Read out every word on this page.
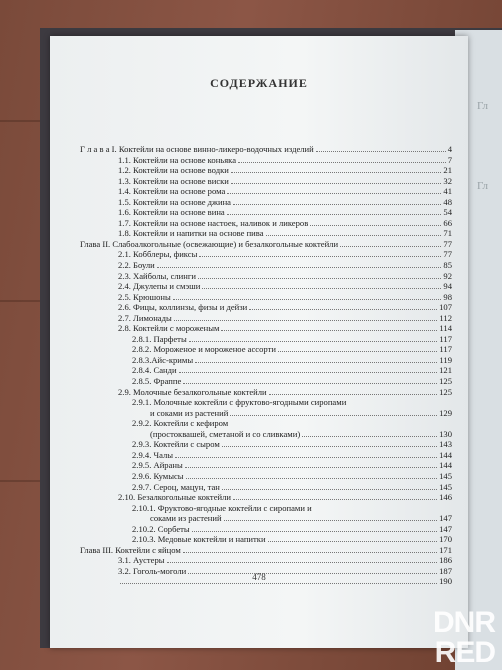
Гл
Гл
СОДЕРЖАНИЕ
Г л а в а I. Коктейли на основе винно-ликеро-водочных изделий	4
1.1. Коктейли на основе коньяка	7
1.2. Коктейли на основе водки	21
1.3. Коктейли на основе виски	32
1.4. Коктейли на основе рома	41
1.5. Коктейли на основе джина	48
1.6. Коктейли на основе вина	54
1.7. Коктейли на основе настоек, наливок и ликеров	66
1.8. Коктейли и напитки на основе пива	71
Глава II. Слабоалкогольные (освежающие) и безалкогольные коктейли	77
2.1. Кобблеры, фиксы	77
2.2. Боули	85
2.3. Хайболы, слинги	92
2.4. Джулепы и смэши	94
2.5. Крюшоны	98
2.6. Фицы, коллинзы, физы и дейзи	107
2.7. Лимонады	112
2.8. Коктейли с мороженым	114
2.8.1. Парфеты	117
2.8.2. Мороженое и мороженое ассорти	117
2.8.3.Айс-кримы	119
2.8.4. Санди	121
2.8.5. Фраппе	125
2.9. Молочные безалкогольные коктейли	125
2.9.1. Молочные коктейли с фруктово-ягодными сиропами
и соками из растений	129
2.9.2. Коктейли с кефиром
(простоквашей, сметаной и со сливками)	130
2.9.3. Коктейли с сыром	143
2.9.4. Чалы	144
2.9.5. Айраны	144
2.9.6. Кумысы	145
2.9.7. Сероц, мацун, тан	145
2.10. Безалкогольные коктейли	146
2.10.1. Фруктово-ягодные коктейли с сиропами и
соками из растений	147
2.10.2. Сорбеты	147
2.10.3. Медовые коктейли и напитки	170
Глава III. Коктейли с яйцом	171
3.1. Аустеры	186
3.2. Гоголь-моголи	187
190
478
DNR
RED
